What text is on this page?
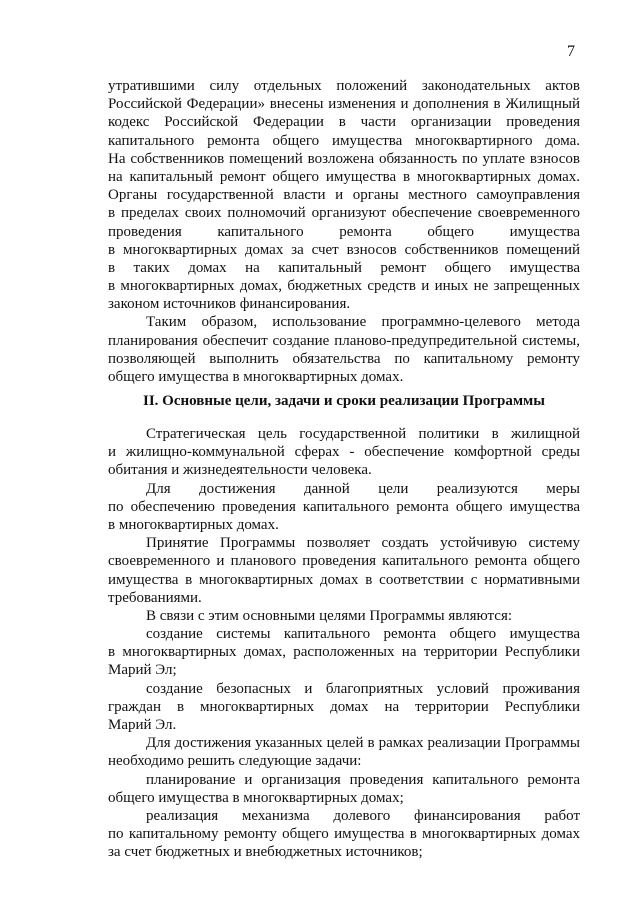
7
утратившими силу отдельных положений законодательных актов
Российской Федерации» внесены изменения и дополнения в Жилищный
кодекс Российской Федерации в части организации проведения
капитального ремонта общего имущества многоквартирного дома.
На собственников помещений возложена обязанность по уплате взносов
на капитальный ремонт общего имущества в многоквартирных домах.
Органы государственной власти и органы местного самоуправления
в пределах своих полномочий организуют обеспечение своевременного
проведения капитального ремонта общего имущества
в многоквартирных домах за счет взносов собственников помещений
в таких домах на капитальный ремонт общего имущества
в многоквартирных домах, бюджетных средств и иных не запрещенных
законом источников финансирования.
Таким образом, использование программно-целевого метода
планирования обеспечит создание планово-предупредительной системы,
позволяющей выполнить обязательства по капитальному ремонту
общего имущества в многоквартирных домах.
II. Основные цели, задачи и сроки реализации Программы
Стратегическая цель государственной политики в жилищной
и жилищно-коммунальной сферах - обеспечение комфортной среды
обитания и жизнедеятельности человека.
Для достижения данной цели реализуются меры
по обеспечению проведения капитального ремонта общего имущества
в многоквартирных домах.
Принятие Программы позволяет создать устойчивую систему
своевременного и планового проведения капитального ремонта общего
имущества в многоквартирных домах в соответствии с нормативными
требованиями.
В связи с этим основными целями Программы являются:
создание системы капитального ремонта общего имущества
в многоквартирных домах, расположенных на территории Республики
Марий Эл;
создание безопасных и благоприятных условий проживания
граждан в многоквартирных домах на территории Республики
Марий Эл.
Для достижения указанных целей в рамках реализации Программы
необходимо решить следующие задачи:
планирование и организация проведения капитального ремонта
общего имущества в многоквартирных домах;
реализация механизма долевого финансирования работ
по капитальному ремонту общего имущества в многоквартирных домах
за счет бюджетных и внебюджетных источников;
